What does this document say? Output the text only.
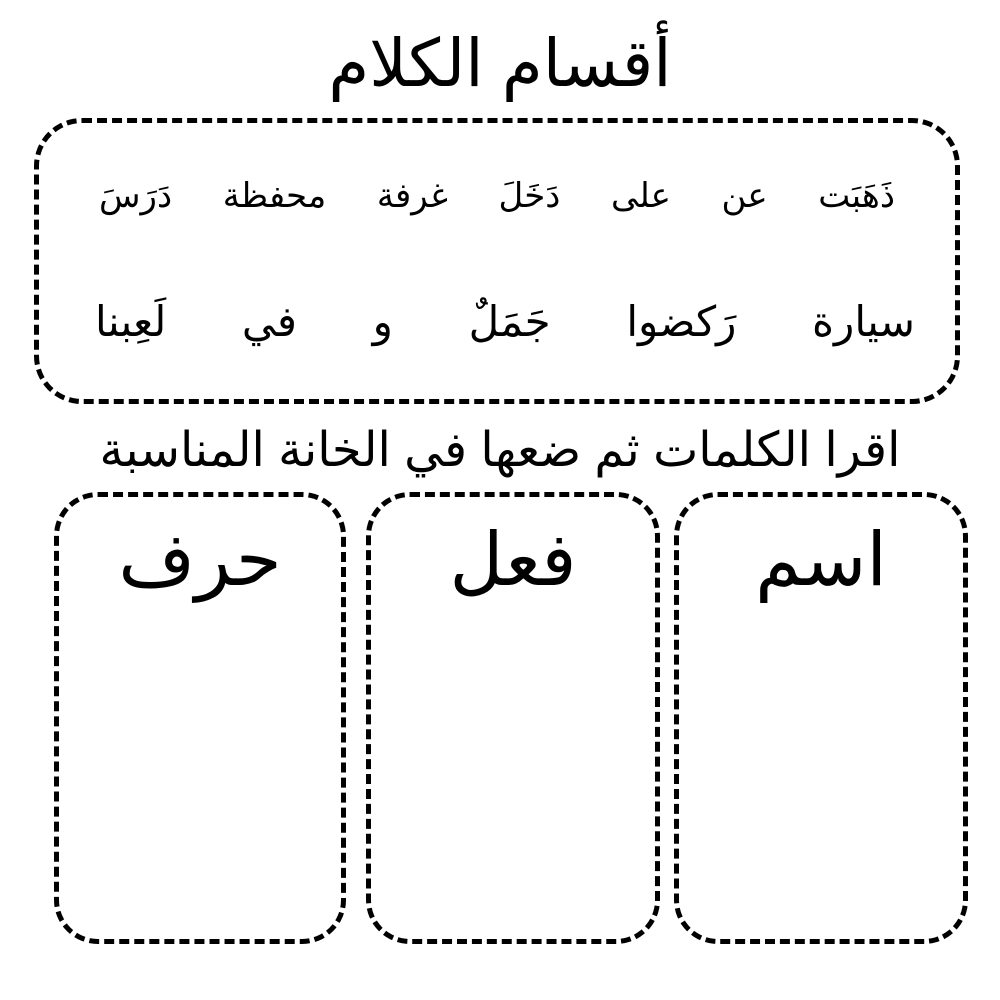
أقسام الكلام
دَرَسَ محفظة غرفة دَخَلَ على عن ذَهَبَت
لَعِبنا في و جَمَلٌ رَكضوا سيارة
اقرا الكلمات ثم ضعها في الخانة المناسبة
اسم
فعل
حرف
